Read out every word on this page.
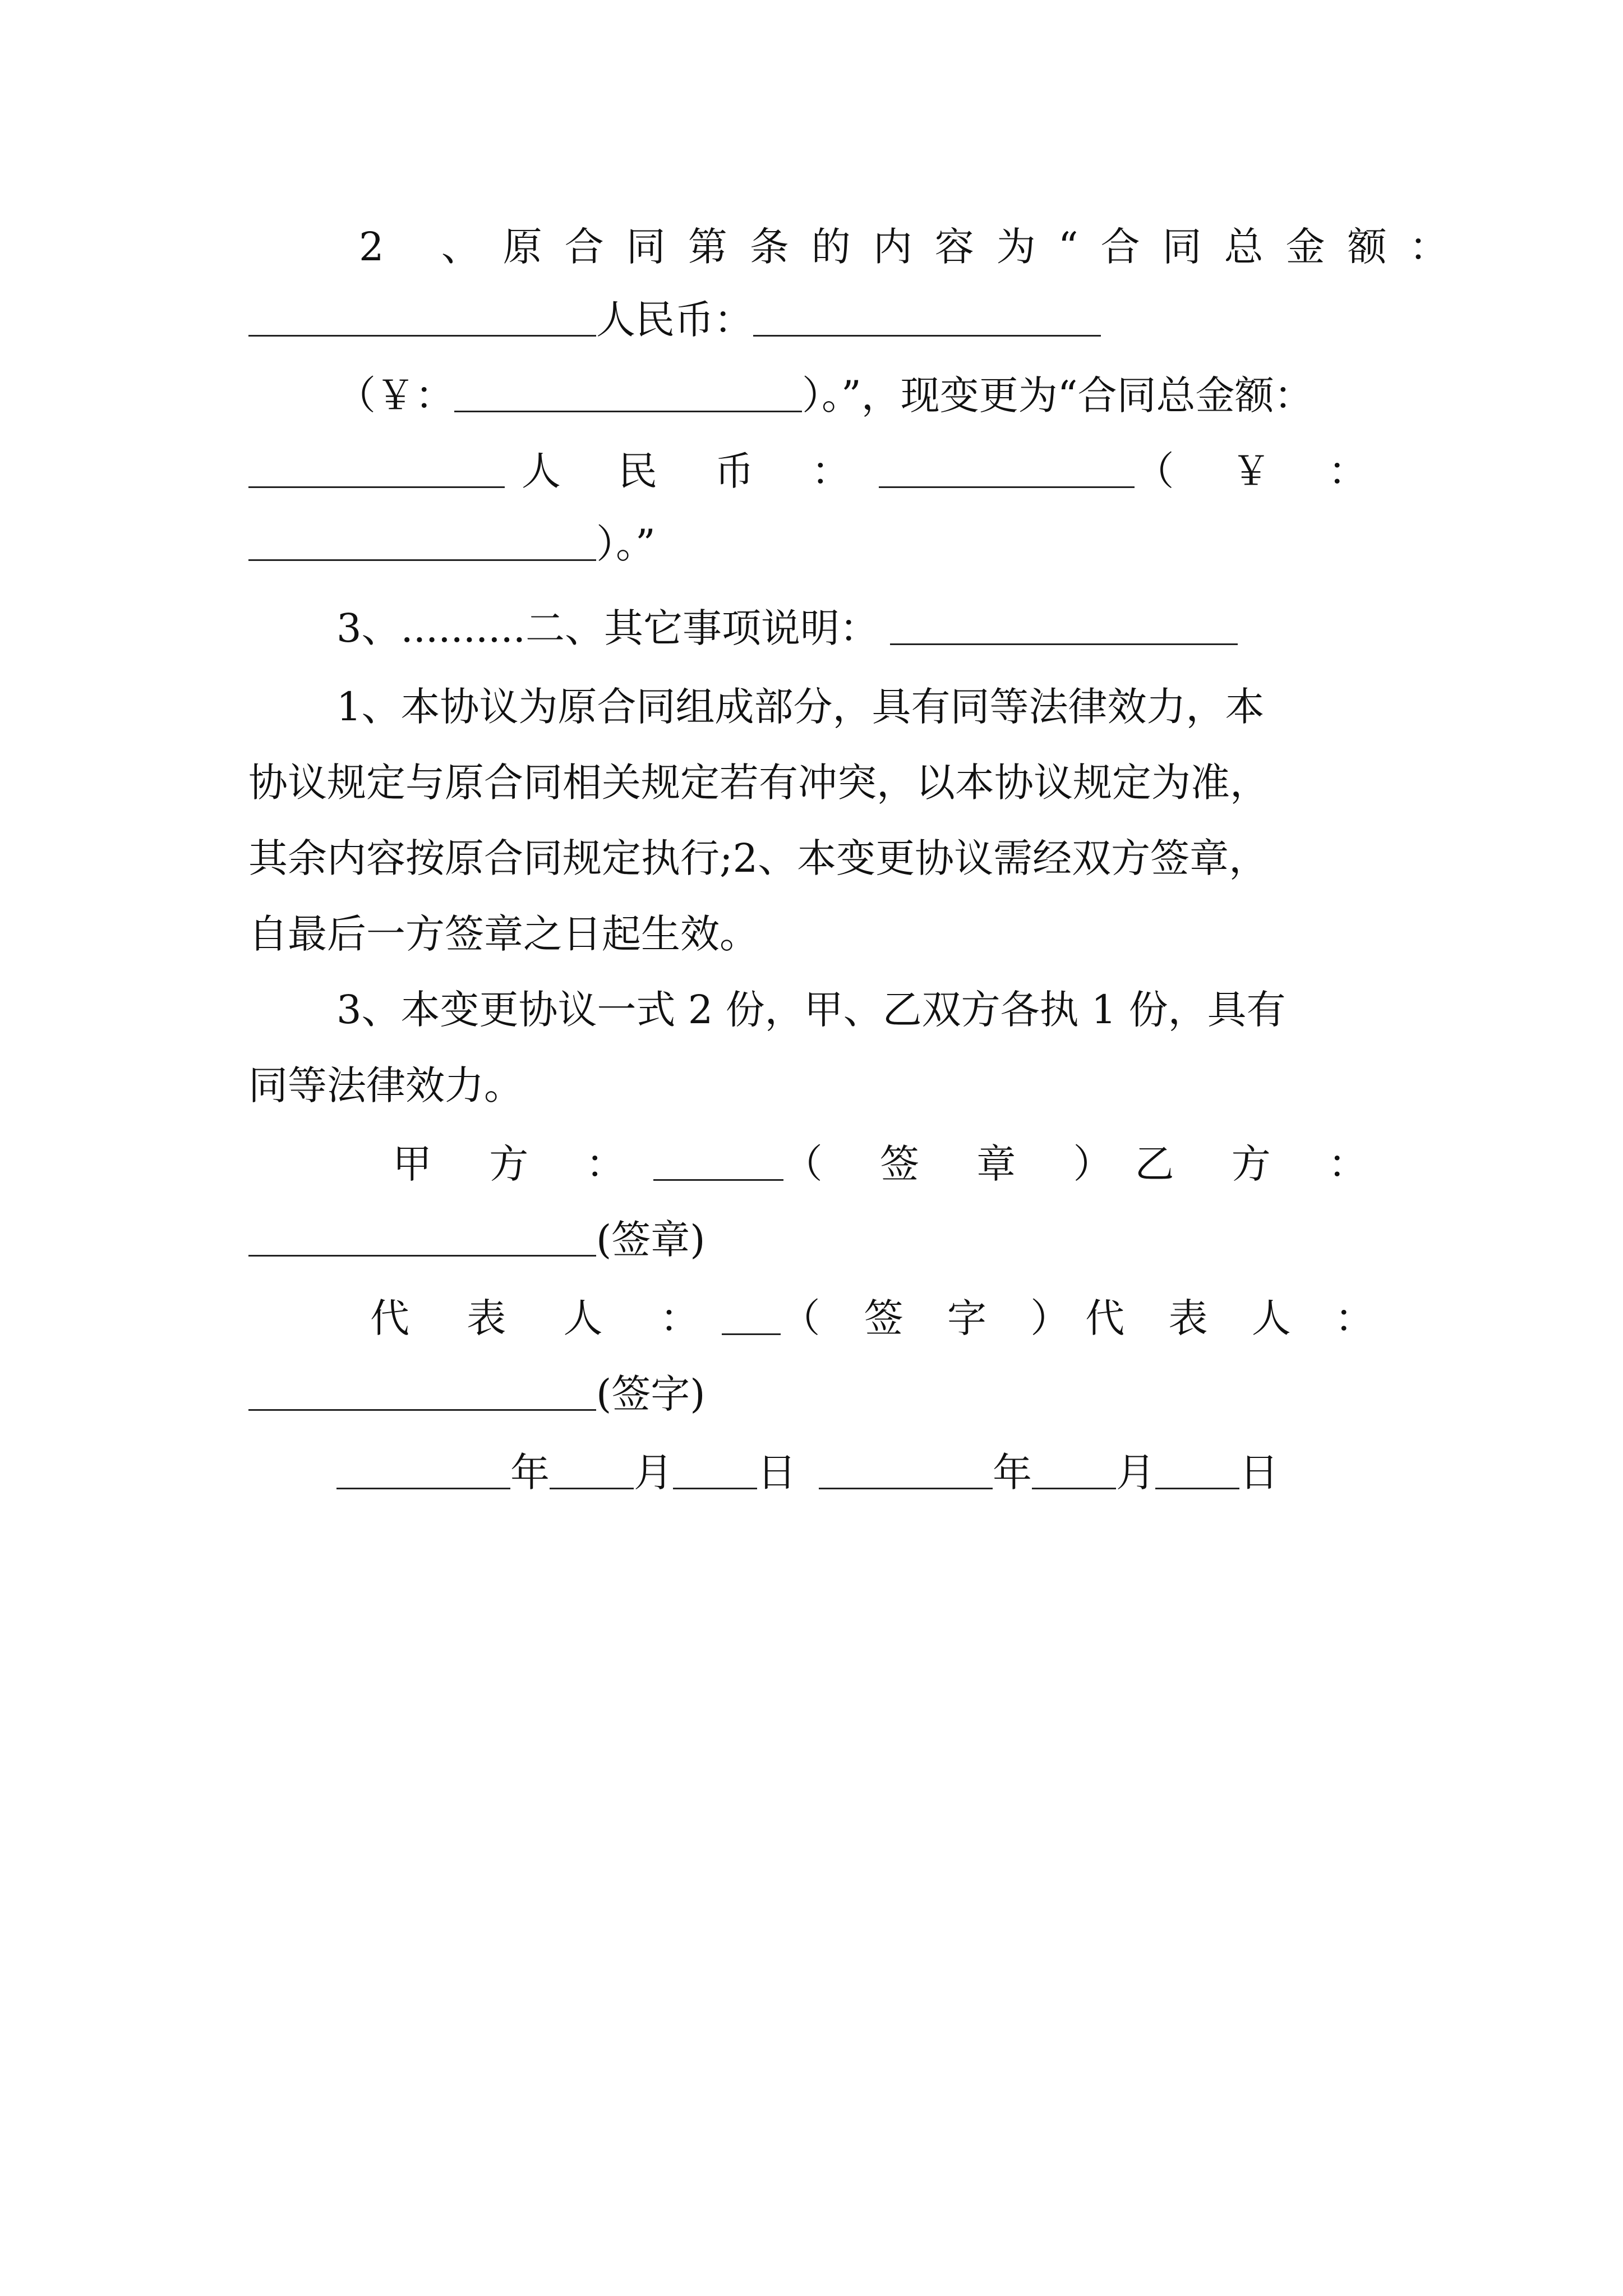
2 、原合同第条的内容为“合同总金额：
人民币：
（￥：	）。”，现变更为“合同总金额：
人 民 币 ：	（ ￥ ：
）。”
3、..........二、其它事项说明：
1、本协议为原合同组成部分，具有同等法律效力，本
协议规定与原合同相关规定若有冲突，以本协议规定为准，
其余内容按原合同规定执行;2、本变更协议需经双方签章，
自最后一方签章之日起生效。
3、本变更协议一式 2 份，甲、乙双方各执 1 份，具有
同等法律效力。
甲 方 ：	（ 签 章 ）乙 方 ：
(签章)
代 表 人 ： （ 签 字 ）代 表 人 ：
(签字)
年 月 日	年 月 日
